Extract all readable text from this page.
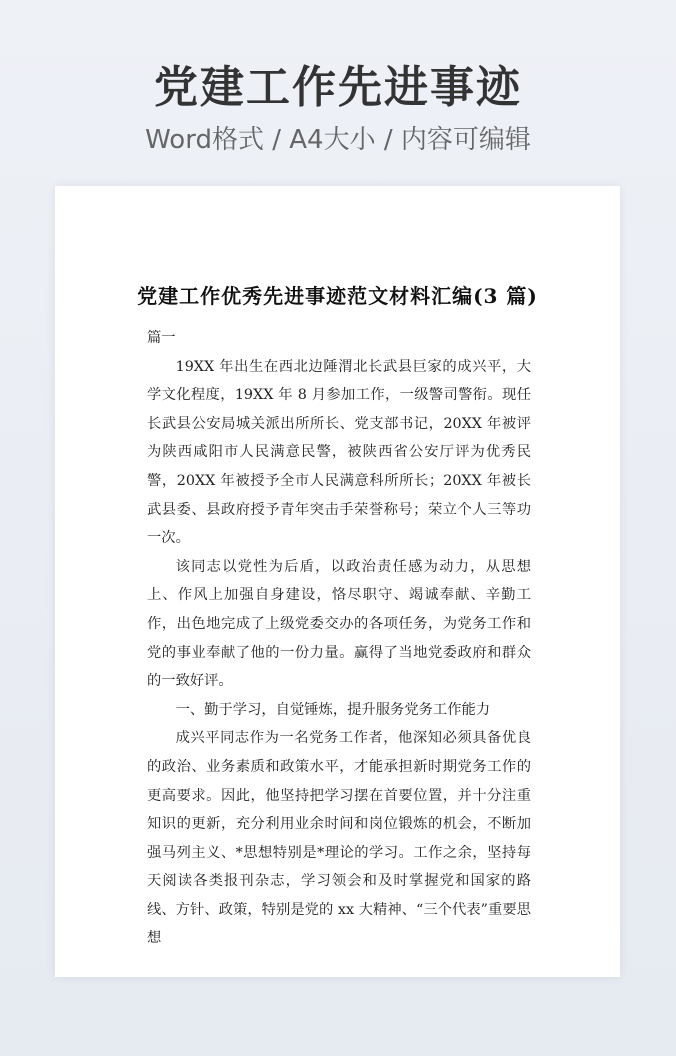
党建工作先进事迹
Word格式 / A4大小 / 内容可编辑
党建工作优秀先进事迹范文材料汇编(3 篇)

篇一

19XX 年出生在西北边陲渭北长武县巨家的成兴平，大学文化程度，19XX 年 8 月参加工作，一级警司警衔。现任长武县公安局城关派出所所长、党支部书记，20XX 年被评为陕西咸阳市人民满意民警，被陕西省公安厅评为优秀民警，20XX 年被授予全市人民满意科所所长；20XX 年被长武县委、县政府授予青年突击手荣誉称号；荣立个人三等功一次。

该同志以党性为后盾，以政治责任感为动力，从思想上、作风上加强自身建设，恪尽职守、竭诚奉献、辛勤工作，出色地完成了上级党委交办的各项任务，为党务工作和党的事业奉献了他的一份力量。赢得了当地党委政府和群众的一致好评。

一、勤于学习，自觉锤炼，提升服务党务工作能力

成兴平同志作为一名党务工作者，他深知必须具备优良的政治、业务素质和政策水平，才能承担新时期党务工作的更高要求。因此，他坚持把学习摆在首要位置，并十分注重知识的更新，充分利用业余时间和岗位锻炼的机会，不断加强马列主义、*思想特别是*理论的学习。工作之余，坚持每天阅读各类报刊杂志，学习领会和及时掌握党和国家的路线、方针、政策，特别是党的 xx 大精神、“三个代表”重要思想
